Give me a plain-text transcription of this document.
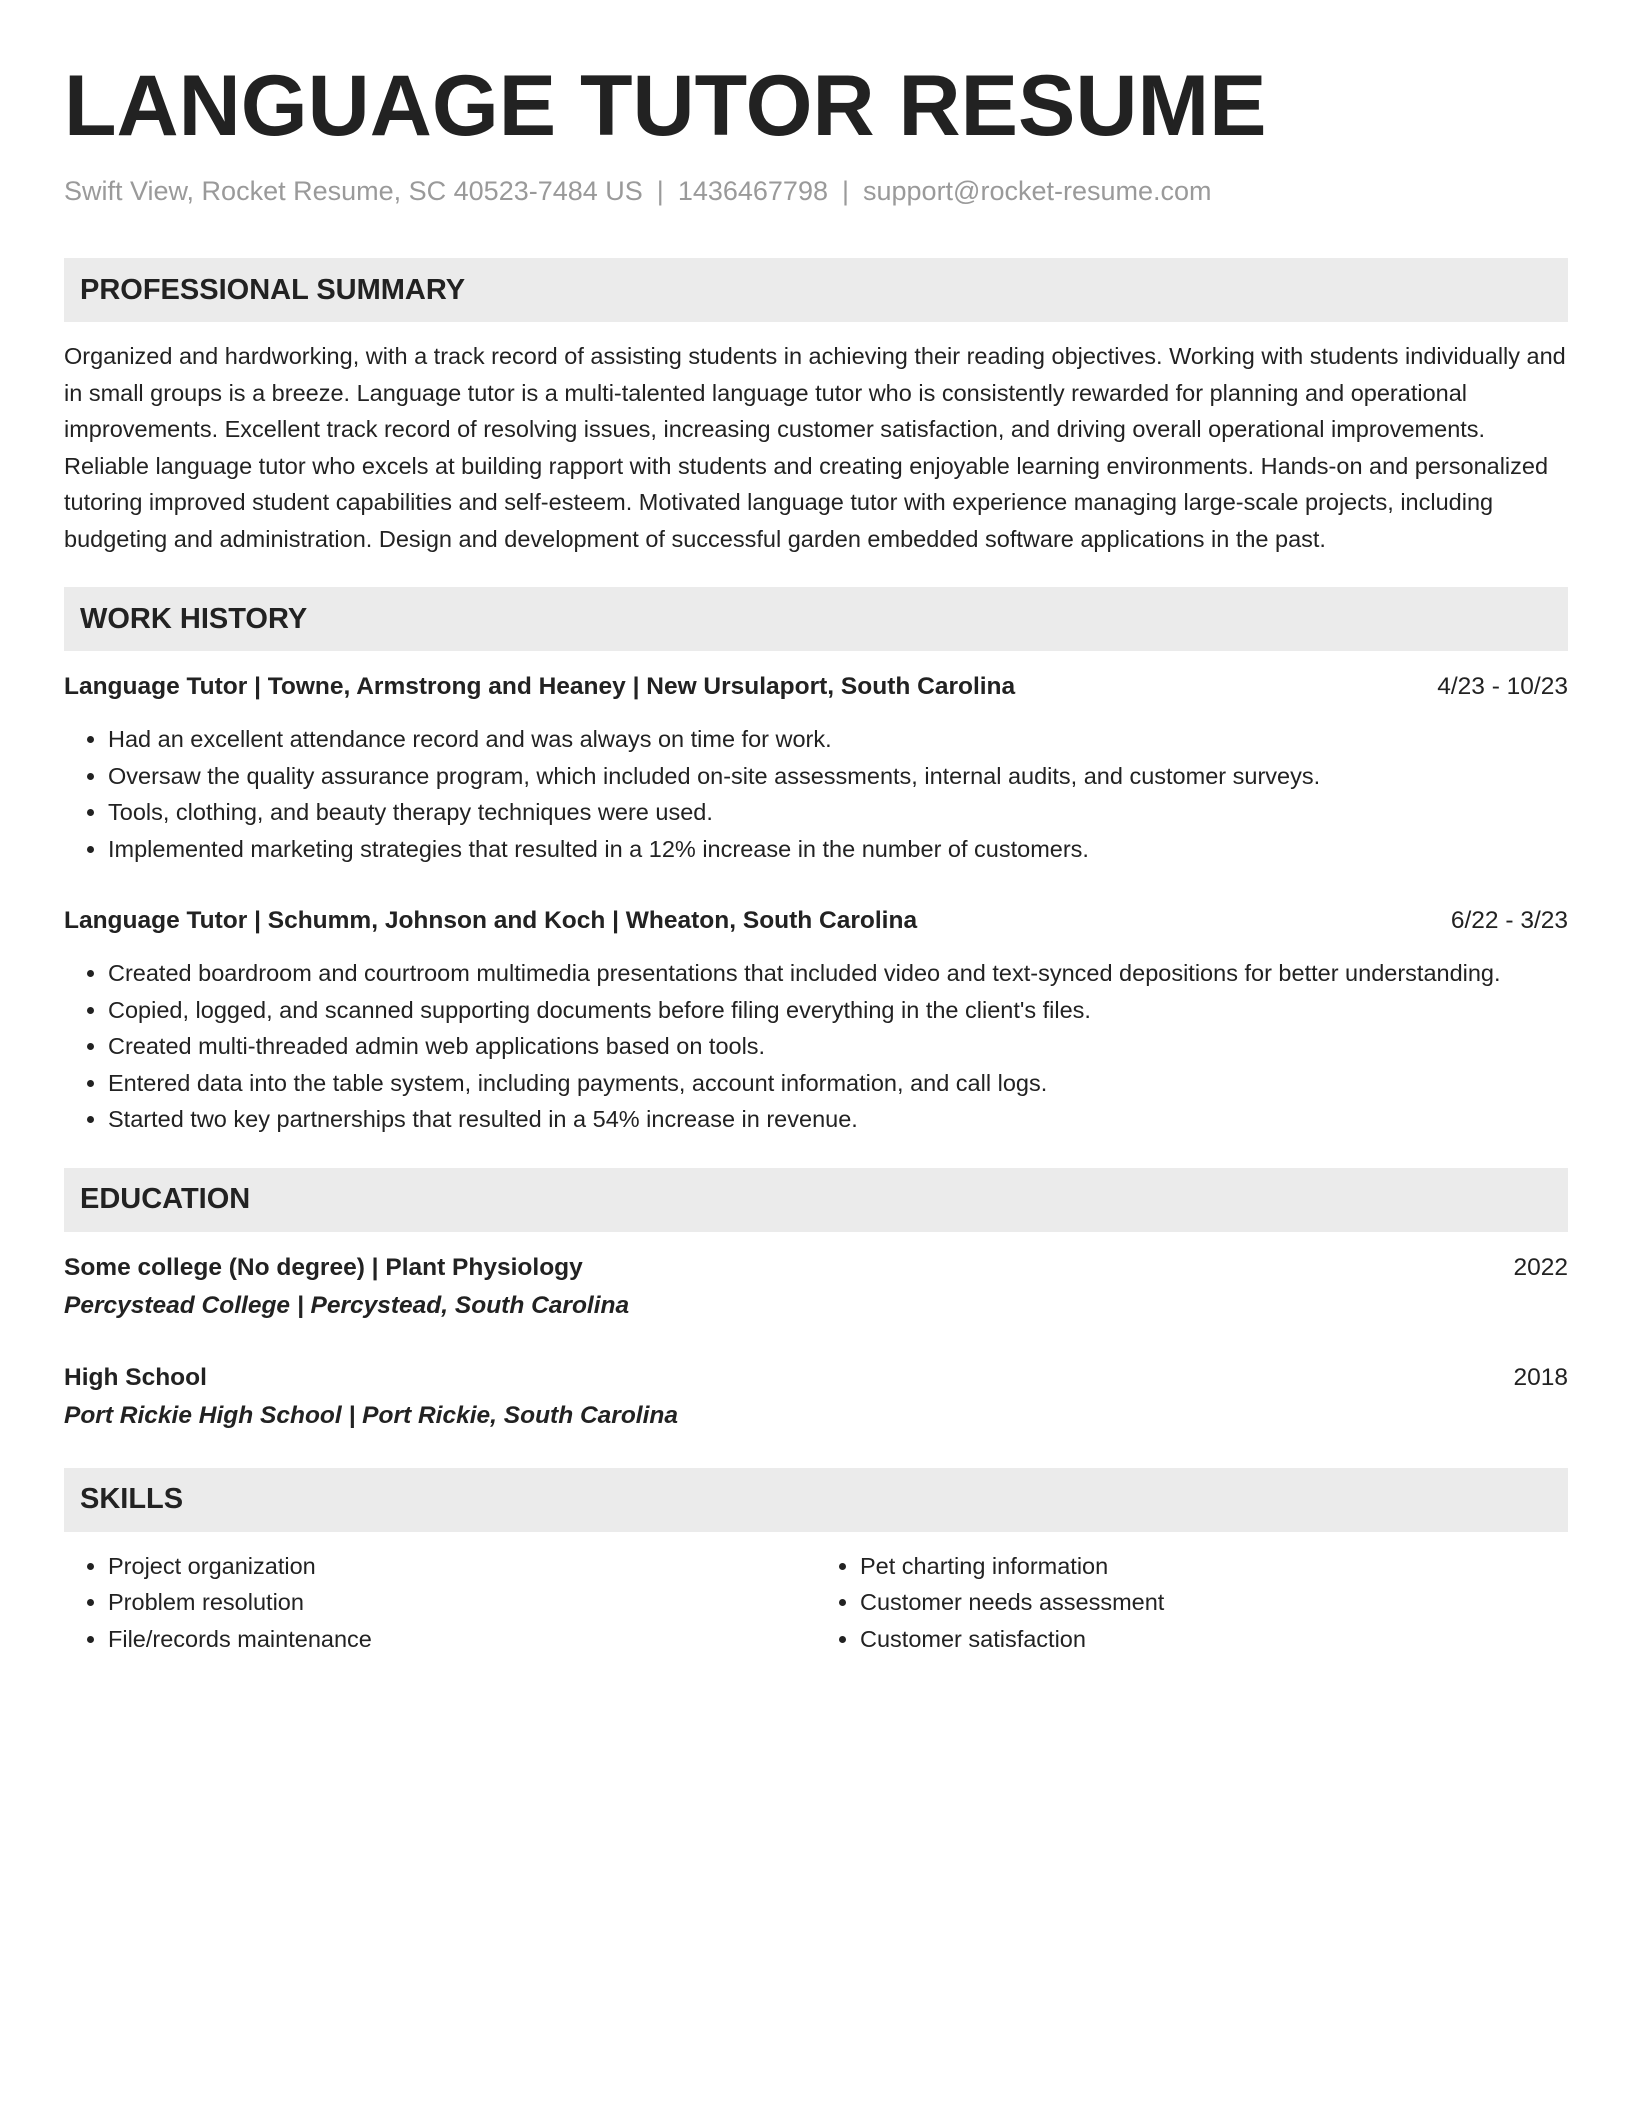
LANGUAGE TUTOR RESUME
Swift View, Rocket Resume, SC 40523-7484 US | 1436467798 | support@rocket-resume.com
PROFESSIONAL SUMMARY

Organized and hardworking, with a track record of assisting students in achieving their reading objectives. Working with students individually and in small groups is a breeze. Language tutor is a multi-talented language tutor who is consistently rewarded for planning and operational improvements. Excellent track record of resolving issues, increasing customer satisfaction, and driving overall operational improvements. Reliable language tutor who excels at building rapport with students and creating enjoyable learning environments. Hands-on and personalized tutoring improved student capabilities and self-esteem. Motivated language tutor with experience managing large-scale projects, including budgeting and administration. Design and development of successful garden embedded software applications in the past.

WORK HISTORY
Language Tutor | Towne, Armstrong and Heaney | New Ursulaport, South Carolina	4/23 - 10/23
• Had an excellent attendance record and was always on time for work.
• Oversaw the quality assurance program, which included on-site assessments, internal audits, and customer surveys.
• Tools, clothing, and beauty therapy techniques were used.
• Implemented marketing strategies that resulted in a 12% increase in the number of customers.
Language Tutor | Schumm, Johnson and Koch | Wheaton, South Carolina	6/22 - 3/23
• Created boardroom and courtroom multimedia presentations that included video and text-synced depositions for better understanding.
• Copied, logged, and scanned supporting documents before filing everything in the client's files.
• Created multi-threaded admin web applications based on tools.
• Entered data into the table system, including payments, account information, and call logs.
• Started two key partnerships that resulted in a 54% increase in revenue.
EDUCATION
Some college (No degree) | Plant Physiology	2022
Percystead College | Percystead, South Carolina
High School	2018
Port Rickie High School | Port Rickie, South Carolina
SKILLS
• Project organization
• Problem resolution
• File/records maintenance
• Pet charting information
• Customer needs assessment
• Customer satisfaction
